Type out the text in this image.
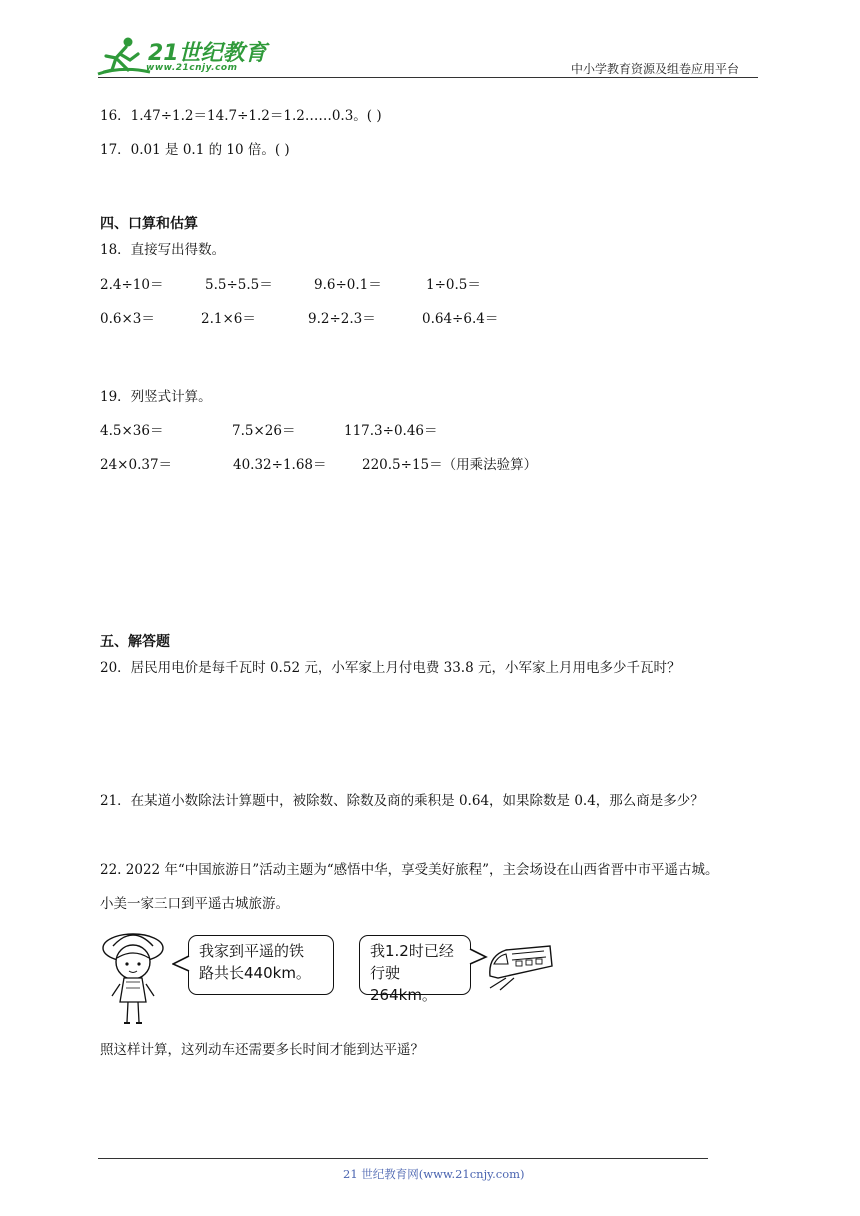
21世纪教育
www.21cnjy.com	中小学教育资源及组卷应用平台
16．1.47÷1.2＝14.7÷1.2＝1.2……0.3。( )
17．0.01 是 0.1 的 10 倍。( )
四、口算和估算
18．直接写出得数。
2.4÷10＝	5.5÷5.5＝	9.6÷0.1＝	1÷0.5＝
0.6×3＝	2.1×6＝	9.2÷2.3＝	0.64÷6.4＝
19．列竖式计算。
4.5×36＝	7.5×26＝	117.3÷0.46＝
24×0.37＝	40.32÷1.68＝	220.5÷15＝（用乘法验算）
五、解答题
20．居民用电价是每千瓦时 0.52 元，小军家上月付电费 33.8 元，小军家上月用电多少千瓦时？
21．在某道小数除法计算题中，被除数、除数及商的乘积是 0.64，如果除数是 0.4，那么商是多少？
22. 2022 年“中国旅游日”活动主题为“感悟中华，享受美好旅程”，主会场设在山西省晋中市平遥古城。
小美一家三口到平遥古城旅游。
我家到平遥的铁
路共长440km。
我1.2时已经
行驶264km。
照这样计算，这列动车还需要多长时间才能到达平遥？
21 世纪教育网(www.21cnjy.com)
